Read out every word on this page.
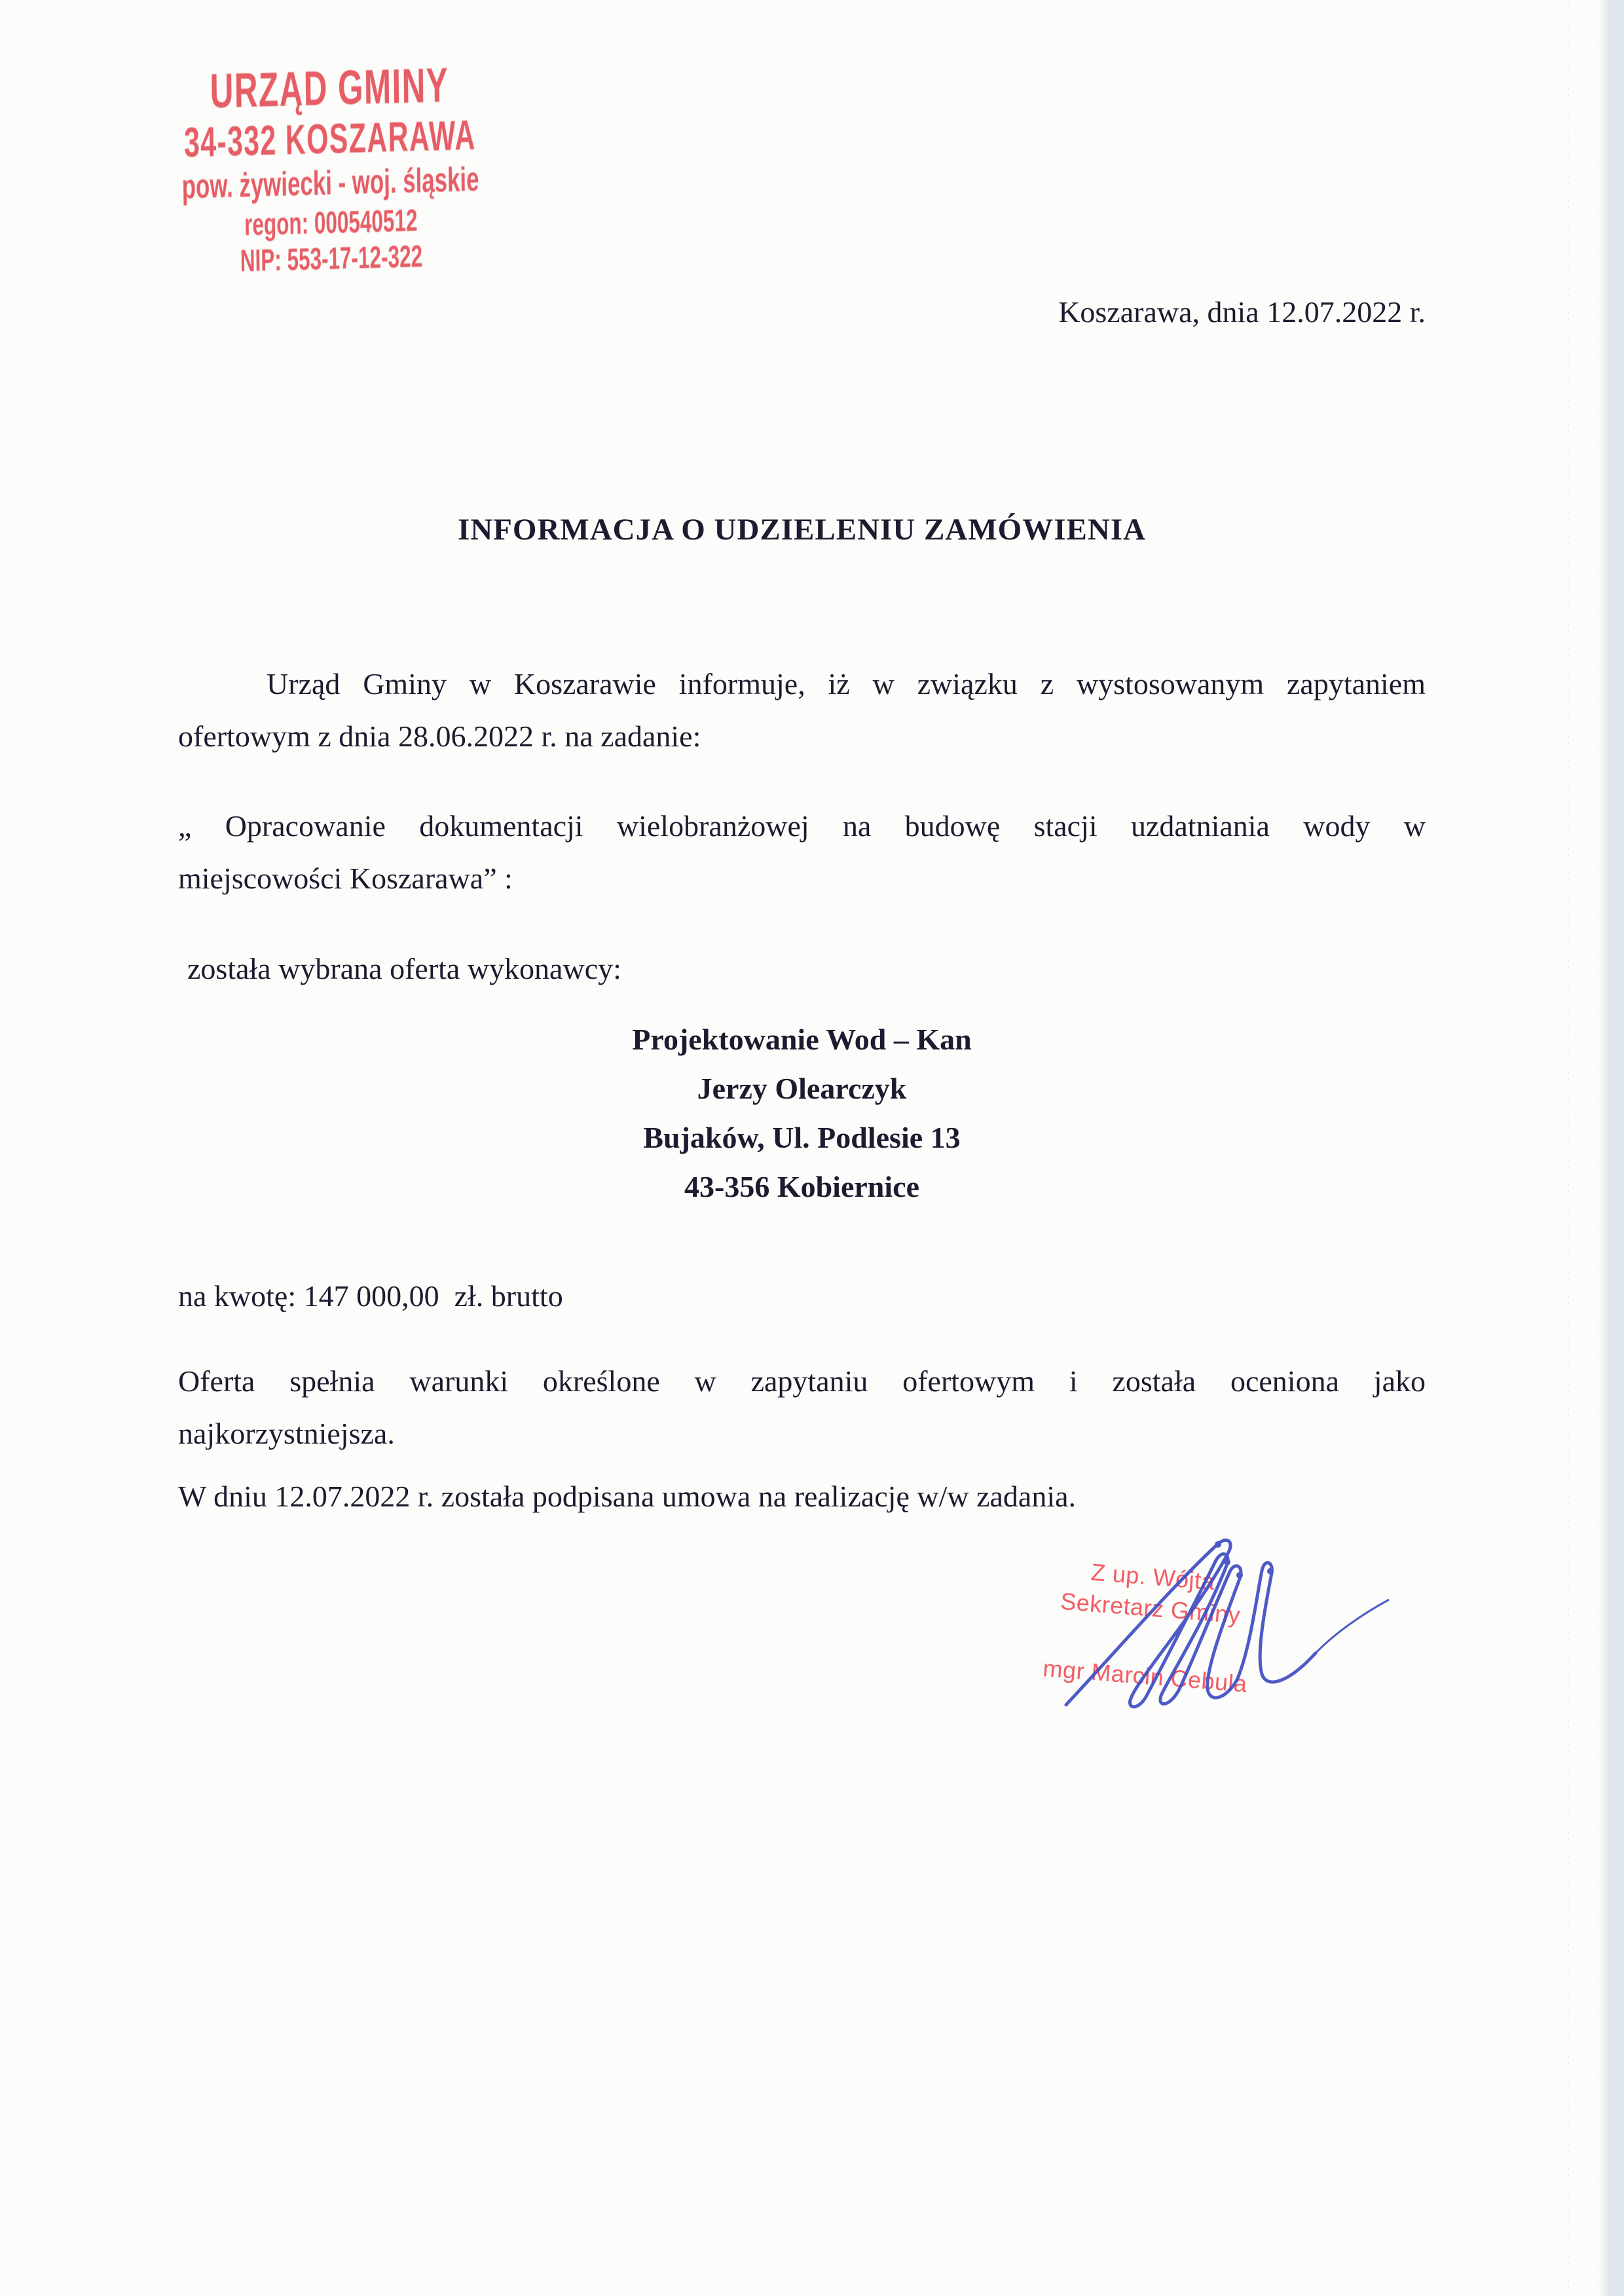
URZĄD GMINY
34-332 KOSZARAWA
pow. żywiecki - woj. śląskie
regon: 000540512
NIP: 553-17-12-322
Koszarawa, dnia 12.07.2022 r.
INFORMACJA O UDZIELENIU ZAMÓWIENIA
Urząd Gminy w Koszarawie informuje, iż w związku z wystosowanym zapytaniem
ofertowym z dnia 28.06.2022 r. na zadanie:
„ Opracowanie dokumentacji wielobranżowej na budowę stacji uzdatniania wody w
miejscowości Koszarawa” :
została wybrana oferta wykonawcy:
Projektowanie Wod – Kan
Jerzy Olearczyk
Bujaków, Ul. Podlesie 13
43-356 Kobiernice
na kwotę: 147 000,00  zł. brutto
Oferta spełnia warunki określone w zapytaniu ofertowym i została oceniona jako
najkorzystniejsza.
W dniu 12.07.2022 r. została podpisana umowa na realizację w/w zadania.
Z up. Wójta
Sekretarz Gminy
mgr Marcin Cebula
